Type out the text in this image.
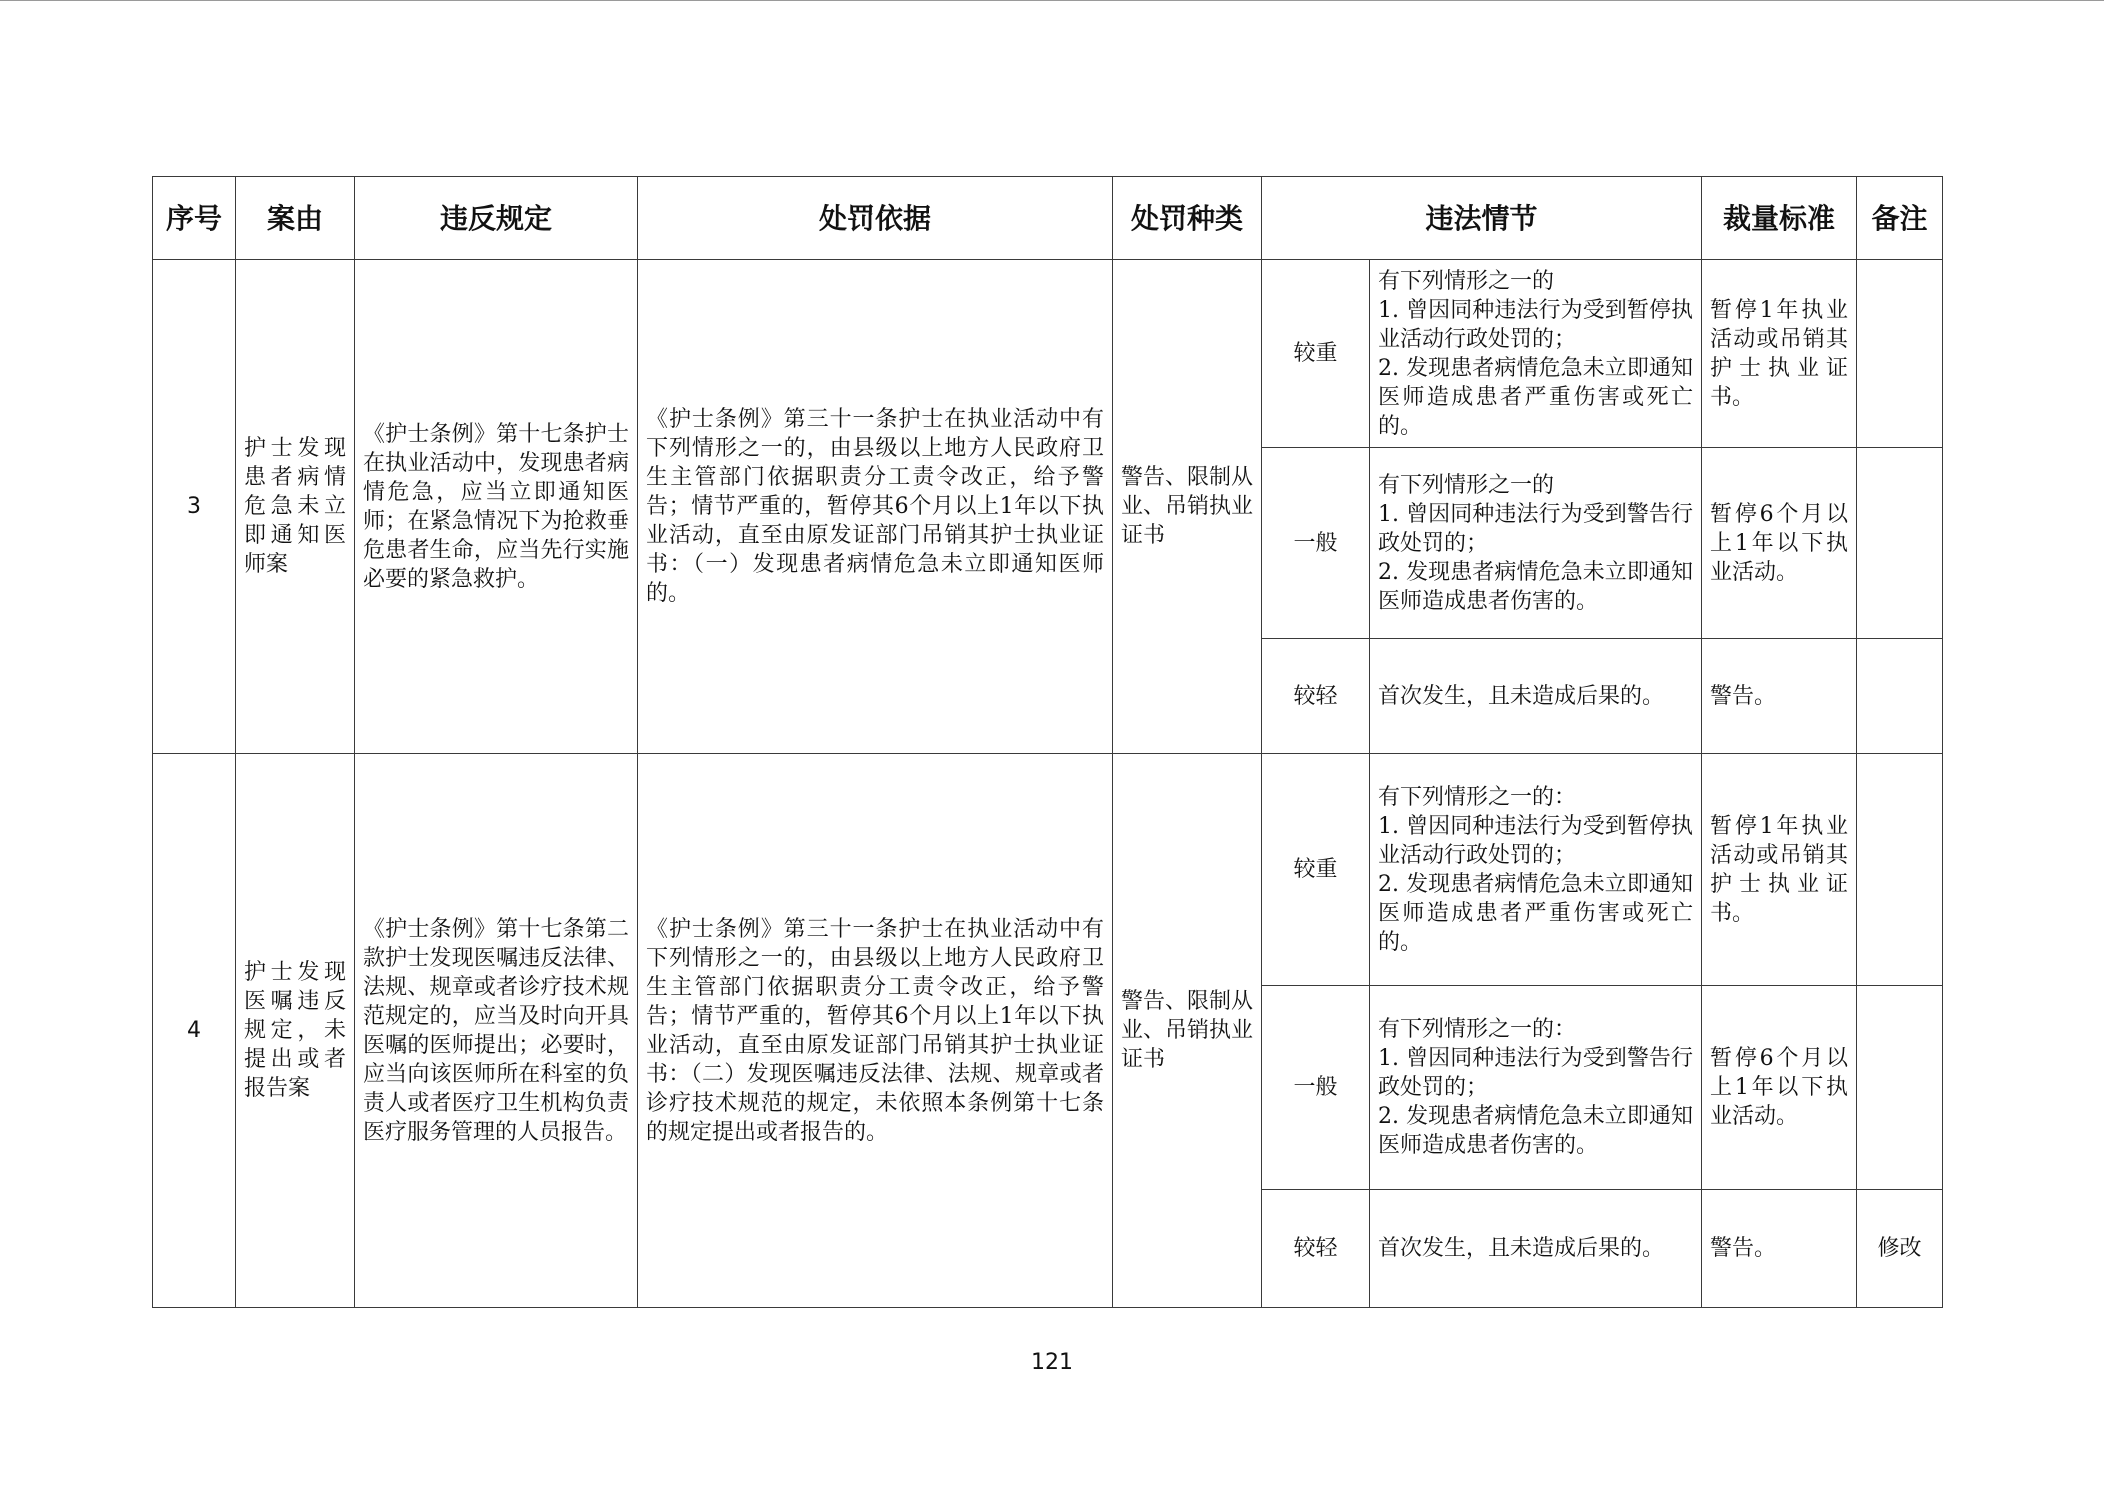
序号	案由	违反规定	处罚依据	处罚种类	违法情节		裁量标准	备注
3	护士发现患者病情危急未立即通知医师案	《护士条例》第十七条护士在执业活动中，发现患者病情危急，应当立即通知医师；在紧急情况下为抢救垂危患者生命，应当先行实施必要的紧急救护。	《护士条例》第三十一条护士在执业活动中有下列情形之一的，由县级以上地方人民政府卫生主管部门依据职责分工责令改正，给予警告；情节严重的，暂停其6个月以上1年以下执业活动，直至由原发证部门吊销其护士执业证书：（一）发现患者病情危急未立即通知医师的。	警告、限制从业、吊销执业证书	较重	有下列情形之一的
1. 曾因同种违法行为受到暂停执业活动行政处罚的；
2. 发现患者病情危急未立即通知医师造成患者严重伤害或死亡的。	暂停1年执业活动或吊销其护士执业证书。	
					一般	有下列情形之一的
1. 曾因同种违法行为受到警告行政处罚的；
2. 发现患者病情危急未立即通知医师造成患者伤害的。	暂停6个月以上1年以下执业活动。	
					较轻	首次发生，且未造成后果的。	警告。	
4	护士发现医嘱违反规定，未提出或者报告案	《护士条例》第十七条第二款护士发现医嘱违反法律、法规、规章或者诊疗技术规范规定的，应当及时向开具医嘱的医师提出；必要时，应当向该医师所在科室的负责人或者医疗卫生机构负责医疗服务管理的人员报告。	《护士条例》第三十一条护士在执业活动中有下列情形之一的，由县级以上地方人民政府卫生主管部门依据职责分工责令改正，给予警告；情节严重的，暂停其6个月以上1年以下执业活动，直至由原发证部门吊销其护士执业证书：（二）发现医嘱违反法律、法规、规章或者诊疗技术规范的规定，未依照本条例第十七条的规定提出或者报告的。	警告、限制从业、吊销执业证书	较重	有下列情形之一的：
1. 曾因同种违法行为受到暂停执业活动行政处罚的；
2. 发现患者病情危急未立即通知医师造成患者严重伤害或死亡的。	暂停1年执业活动或吊销其护士执业证书。	
					一般	有下列情形之一的：
1. 曾因同种违法行为受到警告行政处罚的；
2. 发现患者病情危急未立即通知医师造成患者伤害的。	暂停6个月以上1年以下执业活动。	
					较轻	首次发生，且未造成后果的。	警告。	修改
121
